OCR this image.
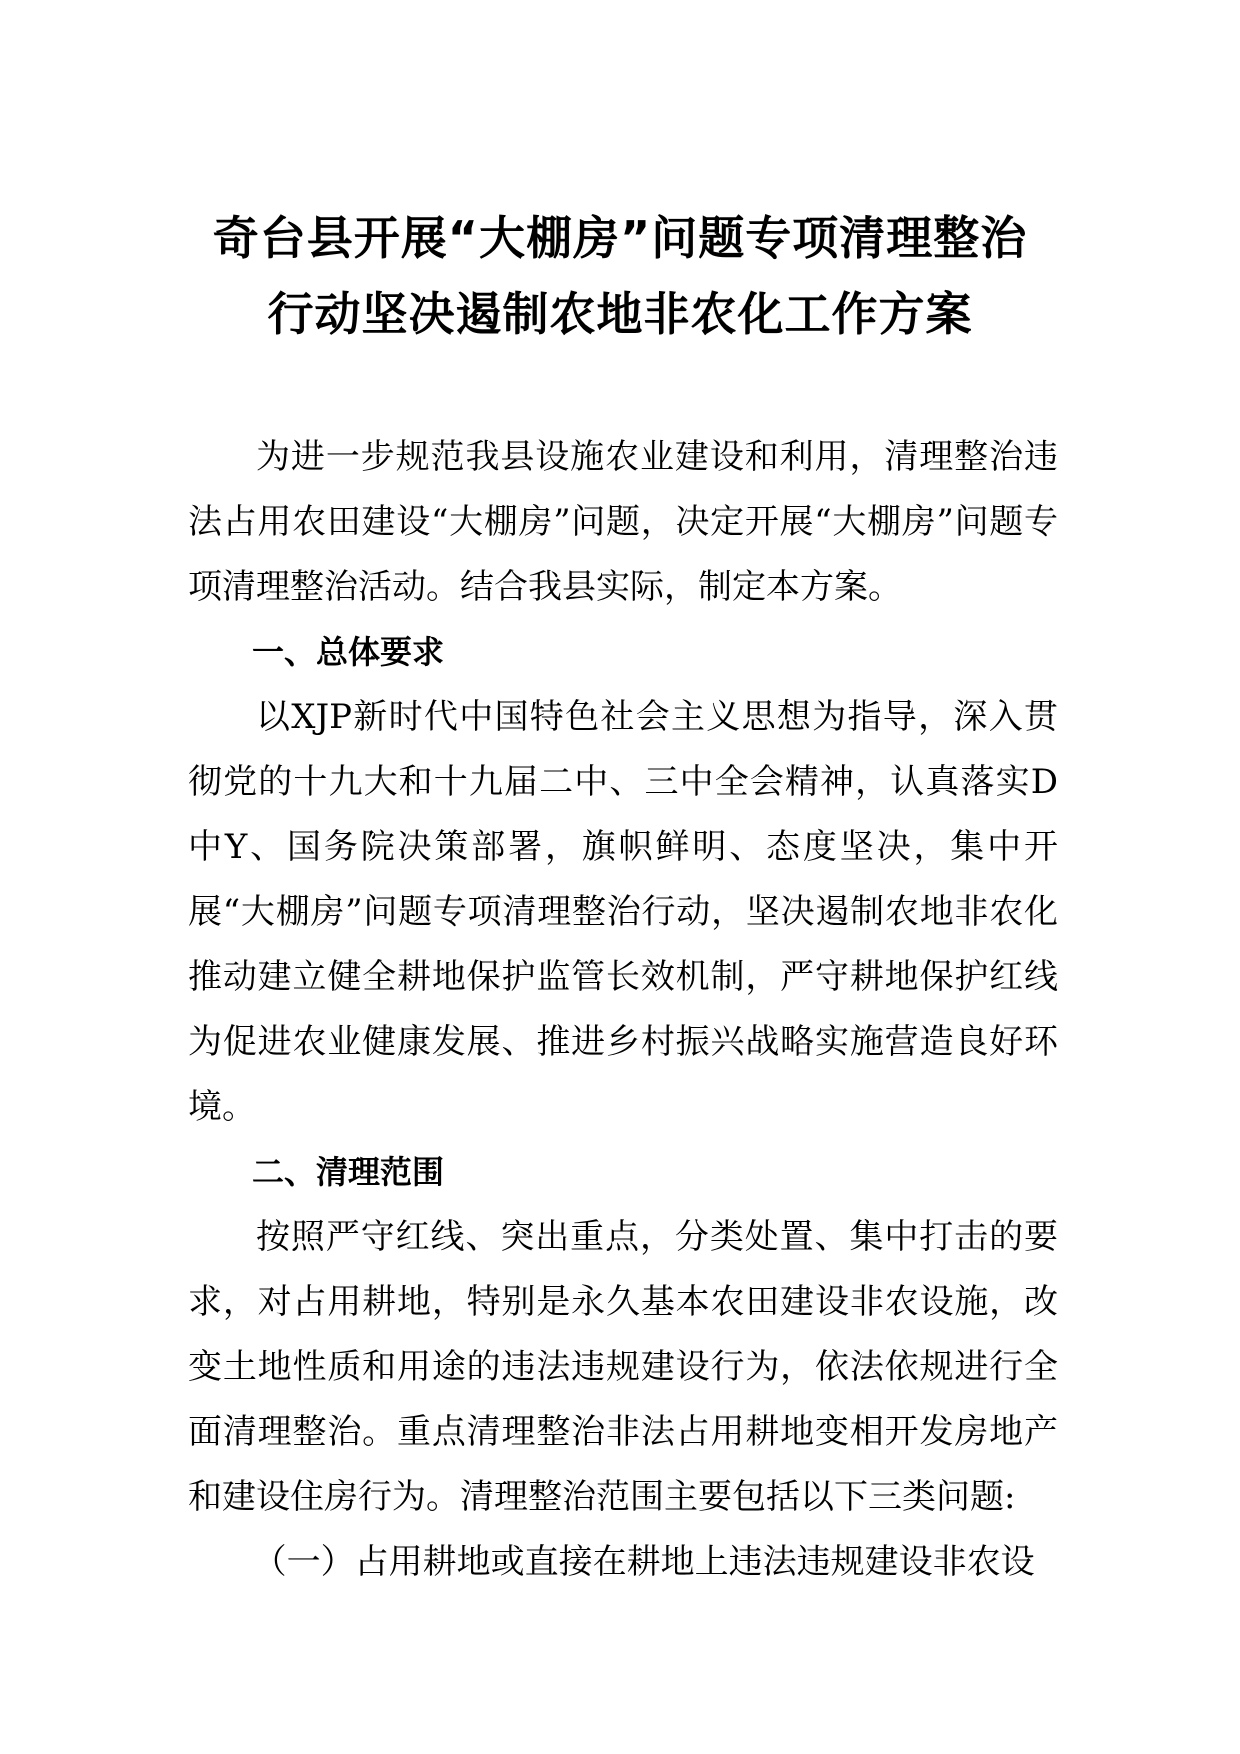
奇台县开展“大棚房”问题专项清理整治
行动坚决遏制农地非农化工作方案

为进一步规范我县设施农业建设和利用，清理整治违法占用农田建设“大棚房”问题，决定开展“大棚房”问题专项清理整治活动。结合我县实际，制定本方案。

一、总体要求

以XJP新时代中国特色社会主义思想为指导，深入贯彻党的十九大和十九届二中、三中全会精神，认真落实D中Y、国务院决策部署，旗帜鲜明、态度坚决，集中开展“大棚房”问题专项清理整治行动，坚决遏制农地非农化推动建立健全耕地保护监管长效机制，严守耕地保护红线为促进农业健康发展、推进乡村振兴战略实施营造良好环境。

二、清理范围

按照严守红线、突出重点，分类处置、集中打击的要求，对占用耕地，特别是永久基本农田建设非农设施，改变土地性质和用途的违法违规建设行为，依法依规进行全面清理整治。重点清理整治非法占用耕地变相开发房地产和建设住房行为。清理整治范围主要包括以下三类问题:

（一）占用耕地或直接在耕地上违法违规建设非农设
